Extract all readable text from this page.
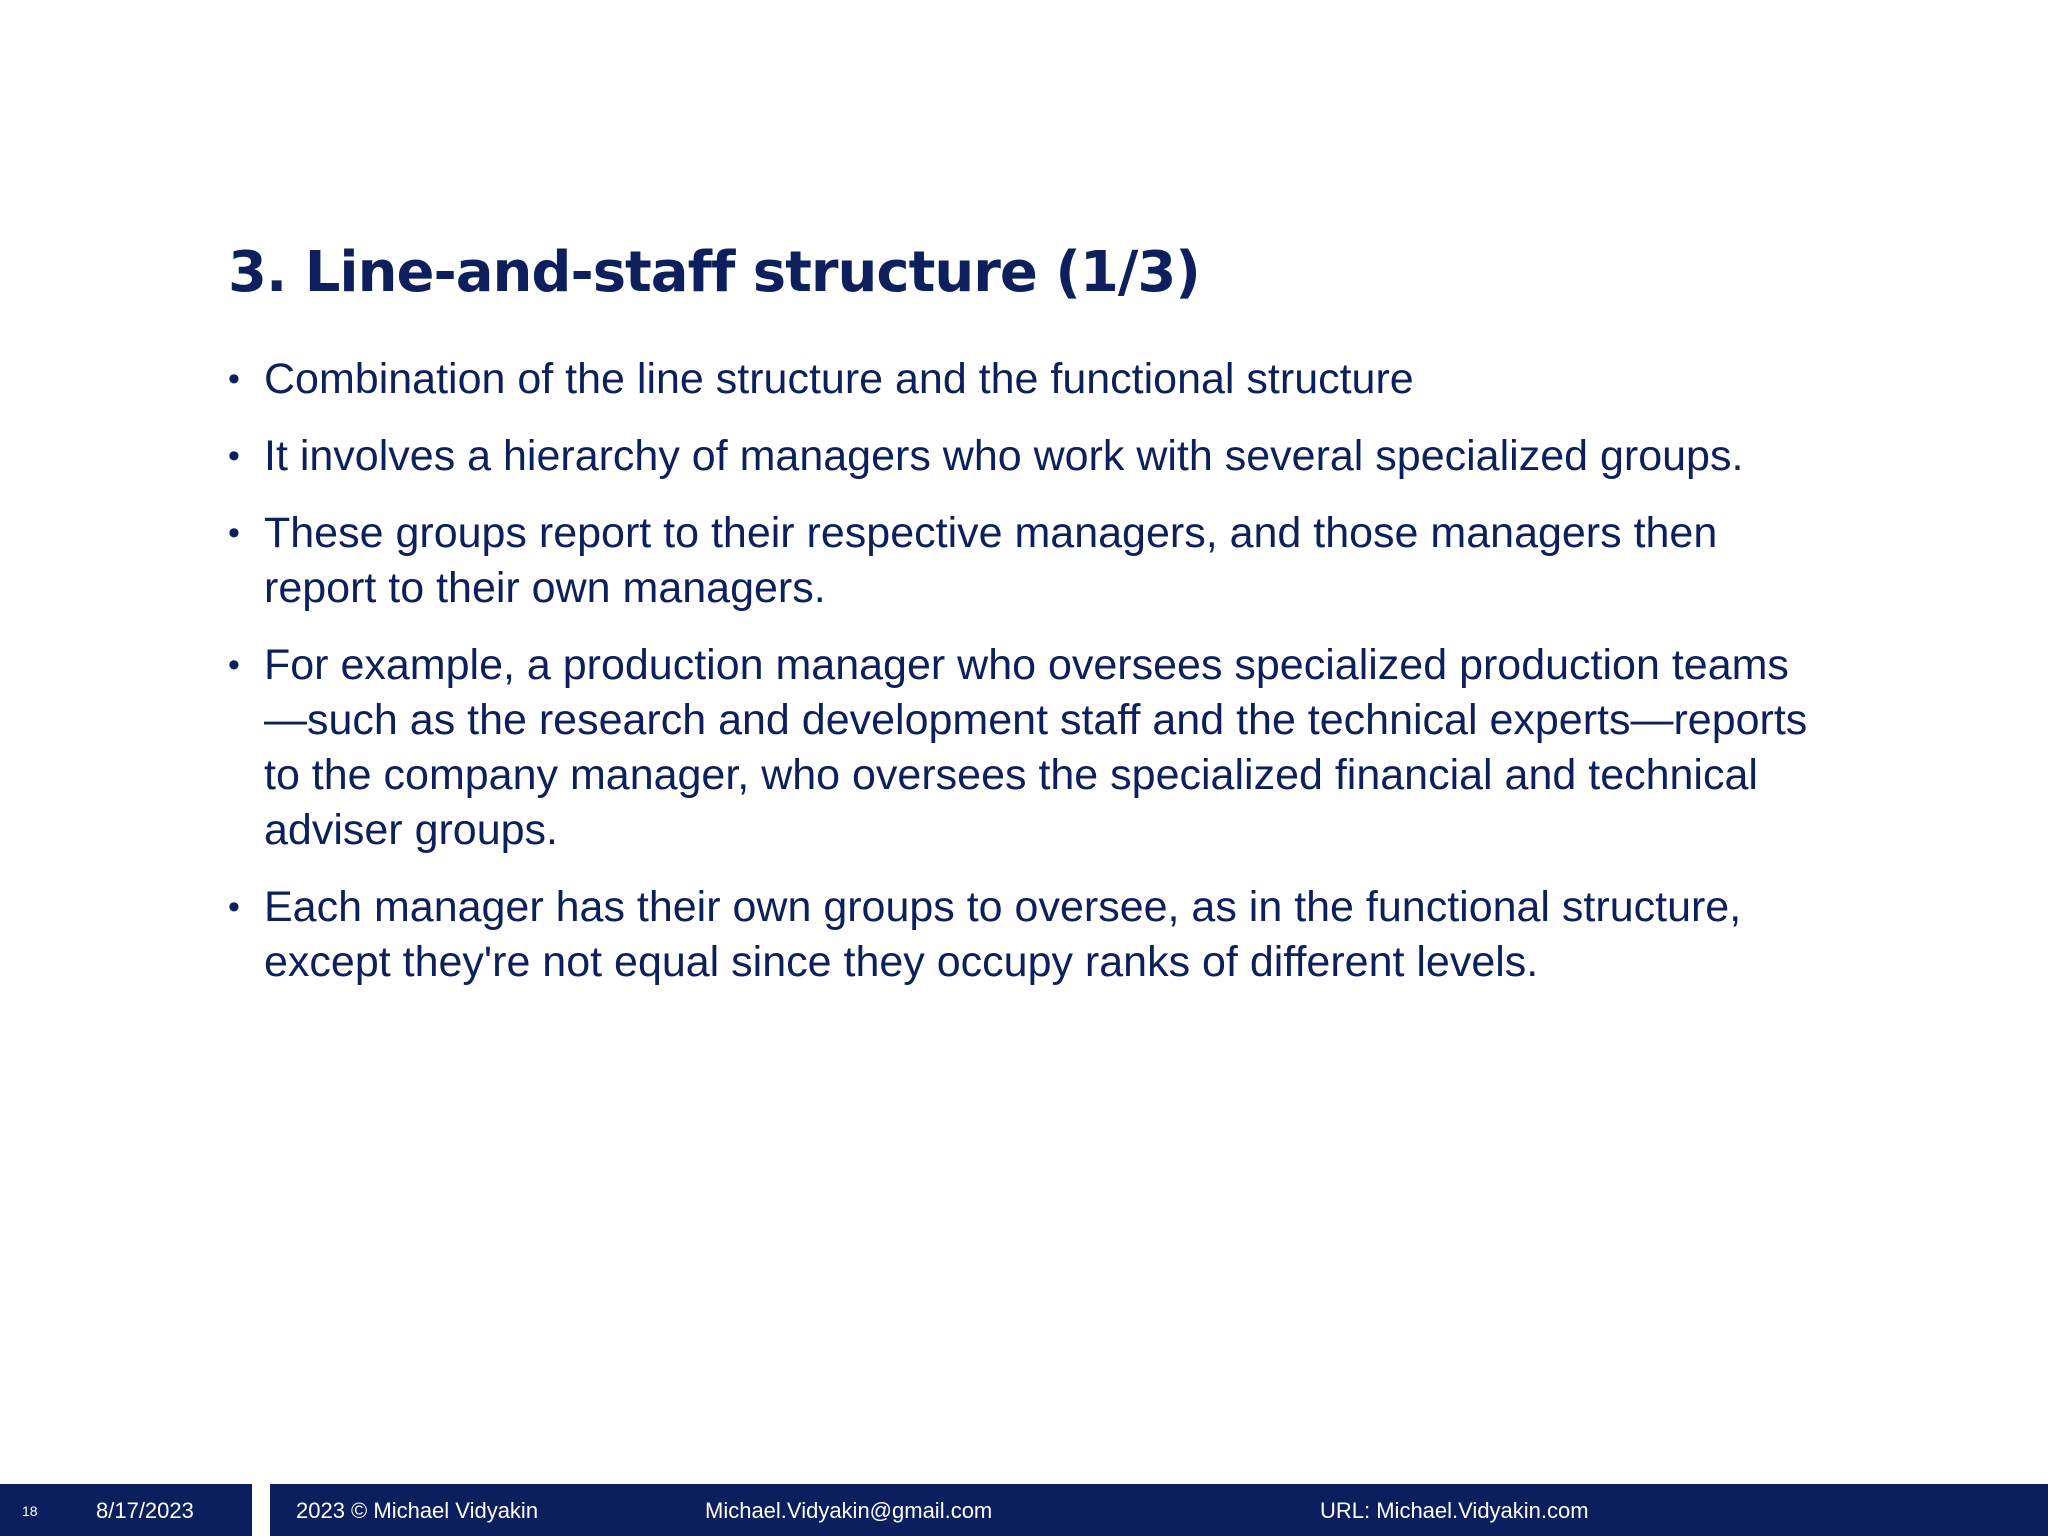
3. Line-and-staff structure (1/3)
• Combination of the line structure and the functional structure
• It involves a hierarchy of managers who work with several specialized groups.
• These groups report to their respective managers, and those managers then report to their own managers.
• For example, a production manager who oversees specialized production teams—such as the research and development staff and the technical experts—reports to the company manager, who oversees the specialized financial and technical adviser groups.
• Each manager has their own groups to oversee, as in the functional structure, except they're not equal since they occupy ranks of different levels.
18	8/17/2023	2023 © Michael Vidyakin	Michael.Vidyakin@gmail.com	URL: Michael.Vidyakin.com
